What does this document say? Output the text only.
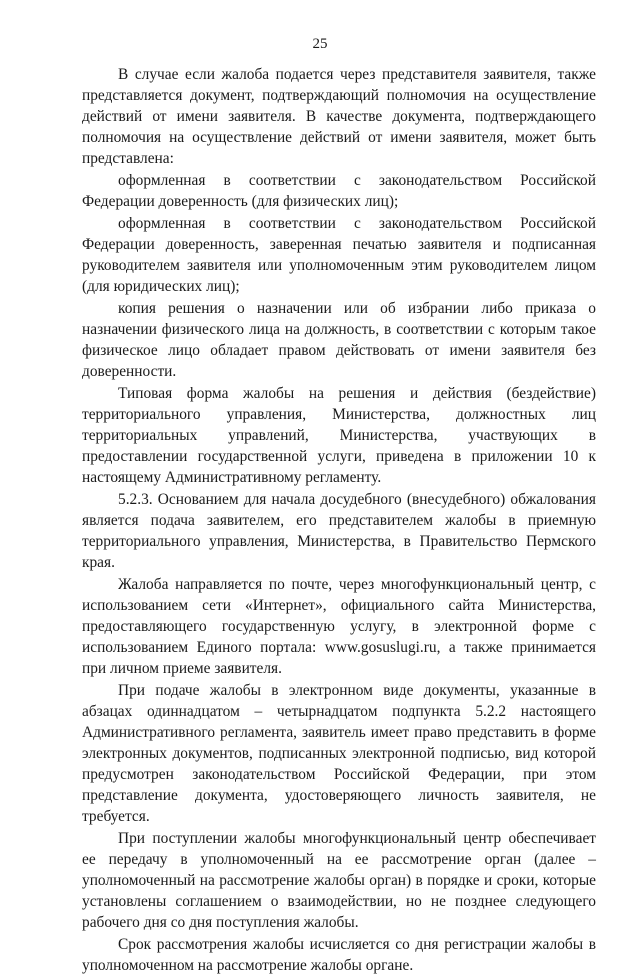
25

В случае если жалоба подается через представителя заявителя, также представляется документ, подтверждающий полномочия на осуществление действий от имени заявителя. В качестве документа, подтверждающего полномочия на осуществление действий от имени заявителя, может быть представлена:

оформленная в соответствии с законодательством Российской Федерации доверенность (для физических лиц);

оформленная в соответствии с законодательством Российской Федерации доверенность, заверенная печатью заявителя и подписанная руководителем заявителя или уполномоченным этим руководителем лицом (для юридических лиц);

копия решения о назначении или об избрании либо приказа о назначении физического лица на должность, в соответствии с которым такое физическое лицо обладает правом действовать от имени заявителя без доверенности.

Типовая форма жалобы на решения и действия (бездействие) территориального управления, Министерства, должностных лиц территориальных управлений, Министерства, участвующих в предоставлении государственной услуги, приведена в приложении 10 к настоящему Административному регламенту.

5.2.3. Основанием для начала досудебного (внесудебного) обжалования является подача заявителем, его представителем жалобы в приемную территориального управления, Министерства, в Правительство Пермского края.

Жалоба направляется по почте, через многофункциональный центр, с использованием сети «Интернет», официального сайта Министерства, предоставляющего государственную услугу, в электронной форме с использованием Единого портала: www.gosuslugi.ru, а также принимается при личном приеме заявителя.

При подаче жалобы в электронном виде документы, указанные в абзацах одиннадцатом – четырнадцатом подпункта 5.2.2 настоящего Административного регламента, заявитель имеет право представить в форме электронных документов, подписанных электронной подписью, вид которой предусмотрен законодательством Российской Федерации, при этом представление документа, удостоверяющего личность заявителя, не требуется.

При поступлении жалобы многофункциональный центр обеспечивает ее передачу в уполномоченный на ее рассмотрение орган (далее – уполномоченный на рассмотрение жалобы орган) в порядке и сроки, которые установлены соглашением о взаимодействии, но не позднее следующего рабочего дня со дня поступления жалобы.

Срок рассмотрения жалобы исчисляется со дня регистрации жалобы в уполномоченном на рассмотрение жалобы органе.
